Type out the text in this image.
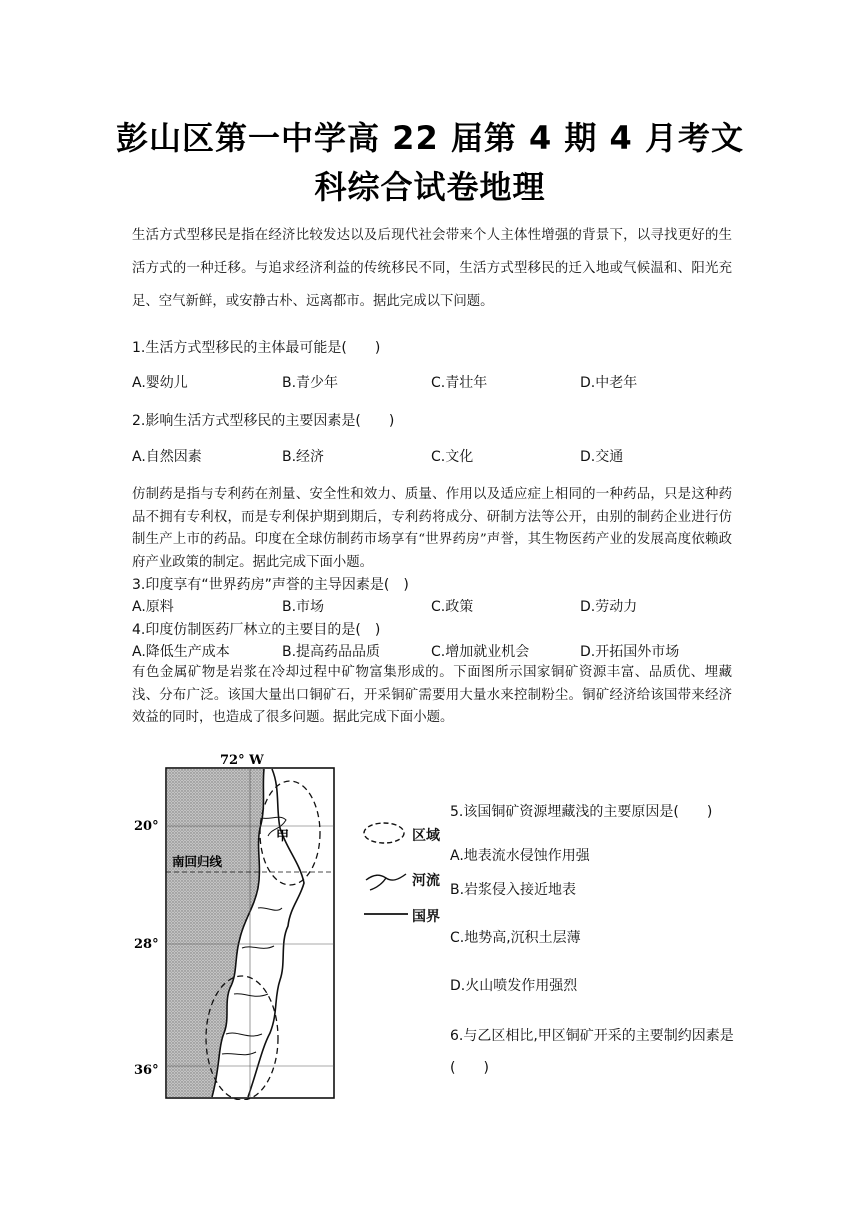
彭山区第一中学高 22 届第 4 期 4 月考文
科综合试卷地理
生活方式型移民是指在经济比较发达以及后现代社会带来个人主体性增强的背景下，以寻找更好的生活方式的一种迁移。与追求经济利益的传统移民不同，生活方式型移民的迁入地或气候温和、阳光充足、空气新鲜，或安静古朴、远离都市。据此完成以下问题。
1.生活方式型移民的主体最可能是(　　)
A.婴幼儿	B.青少年	C.青壮年	D.中老年
2.影响生活方式型移民的主要因素是(　　)
A.自然因素	B.经济	C.文化	D.交通
仿制药是指与专利药在剂量、安全性和效力、质量、作用以及适应症上相同的一种药品，只是这种药品不拥有专利权，而是专利保护期到期后，专利药将成分、研制方法等公开，由别的制药企业进行仿制生产上市的药品。印度在全球仿制药市场享有“世界药房”声誉，其生物医药产业的发展高度依赖政府产业政策的制定。据此完成下面小题。
3.印度享有“世界药房”声誉的主导因素是(　)
A.原料	B.市场	C.政策	D.劳动力
4.印度仿制医药厂林立的主要目的是(　)
A.降低生产成本	B.提高药品品质	C.增加就业机会	D.开拓国外市场
有色金属矿物是岩浆在冷却过程中矿物富集形成的。下面图所示国家铜矿资源丰富、品质优、埋藏浅、分布广泛。该国大量出口铜矿石，开采铜矿需要用大量水来控制粉尘。铜矿经济给该国带来经济效益的同时，也造成了很多问题。据此完成下面小题。
72° W
20°
28°
36°
南回归线
甲	区域
河流
国界
5.该国铜矿资源埋藏浅的主要原因是(　　)
A.地表流水侵蚀作用强
B.岩浆侵入接近地表
C.地势高,沉积土层薄
D.火山喷发作用强烈
6.与乙区相比,甲区铜矿开采的主要制约因素是(　　)
